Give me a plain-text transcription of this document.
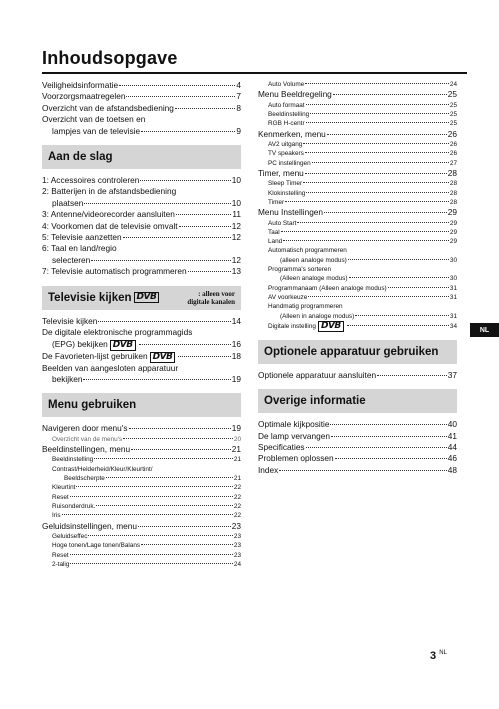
Inhoudsopgave
Veiligheidsinformatie	4
Voorzorgsmaatregelen	7
Overzicht van de afstandsbediening	8
Overzicht van de toetsen en
lampjes van de televisie	9
Aan de slag
1: Accessoires controleren	10
2: Batterijen in de afstandsbediening
plaatsen	10
3: Antenne/videorecorder aansluiten	11
4: Voorkomen dat de televisie omvalt	12
5: Televisie aanzetten	12
6: Taal en land/regio
selecteren	12
7: Televisie automatisch programmeren	13
Televisie kijken DVB	: alleen voor
digitale kanalen
Televisie kijken	14
De digitale elektronische programmagids
(EPG) bekijken DVB	16
De Favorieten-lijst gebruiken DVB	18
Beelden van aangesloten apparatuur
bekijken	19
Menu gebruiken
Navigeren door menu's	19
Overzicht van de menu's	20
Beeldinstellingen, menu	21
Beeldinstelling	21
Contrast/Helderheid/Kleur/Kleurtint/
Beeldscherpte	21
Kleurtint	22
Reset	22
Ruisonderdruk.	22
Iris	22
Geluidsinstellingen, menu	23
Geluidseffec	23
Hoge tonen/Lage tonen/Balans	23
Reset	23
2-talig	24
Auto Volume	24
Menu Beeldregeling	25
Auto formaat	25
Beeldinstelling	25
RGB H-centr	25
Kenmerken, menu	26
AV2 uitgang	26
TV speakers	26
PC instellingen	27
Timer, menu	28
Sleep Timer	28
Klokinstelling	28
Timer	28
Menu Instellingen	29
Auto Start	29
Taal	29
Land	29
Automatisch programmeren
(alleen analoge modus)	30
Programma's sorteren
(Alleen analoge modus)	30
Programmanaam (Alleen analoge modus)	31
AV voorkeuze	31
Handmatig programmeren
(Alleen in analoge modus)	31
Digitale instelling DVB	34
Optionele apparatuur gebruiken
Optionele apparatuur aansluiten	37
Overige informatie
Optimale kijkpositie	40
De lamp vervangen	41
Specificaties	44
Problemen oplossen	46
Index	48
NL
3 $^{NL}$
